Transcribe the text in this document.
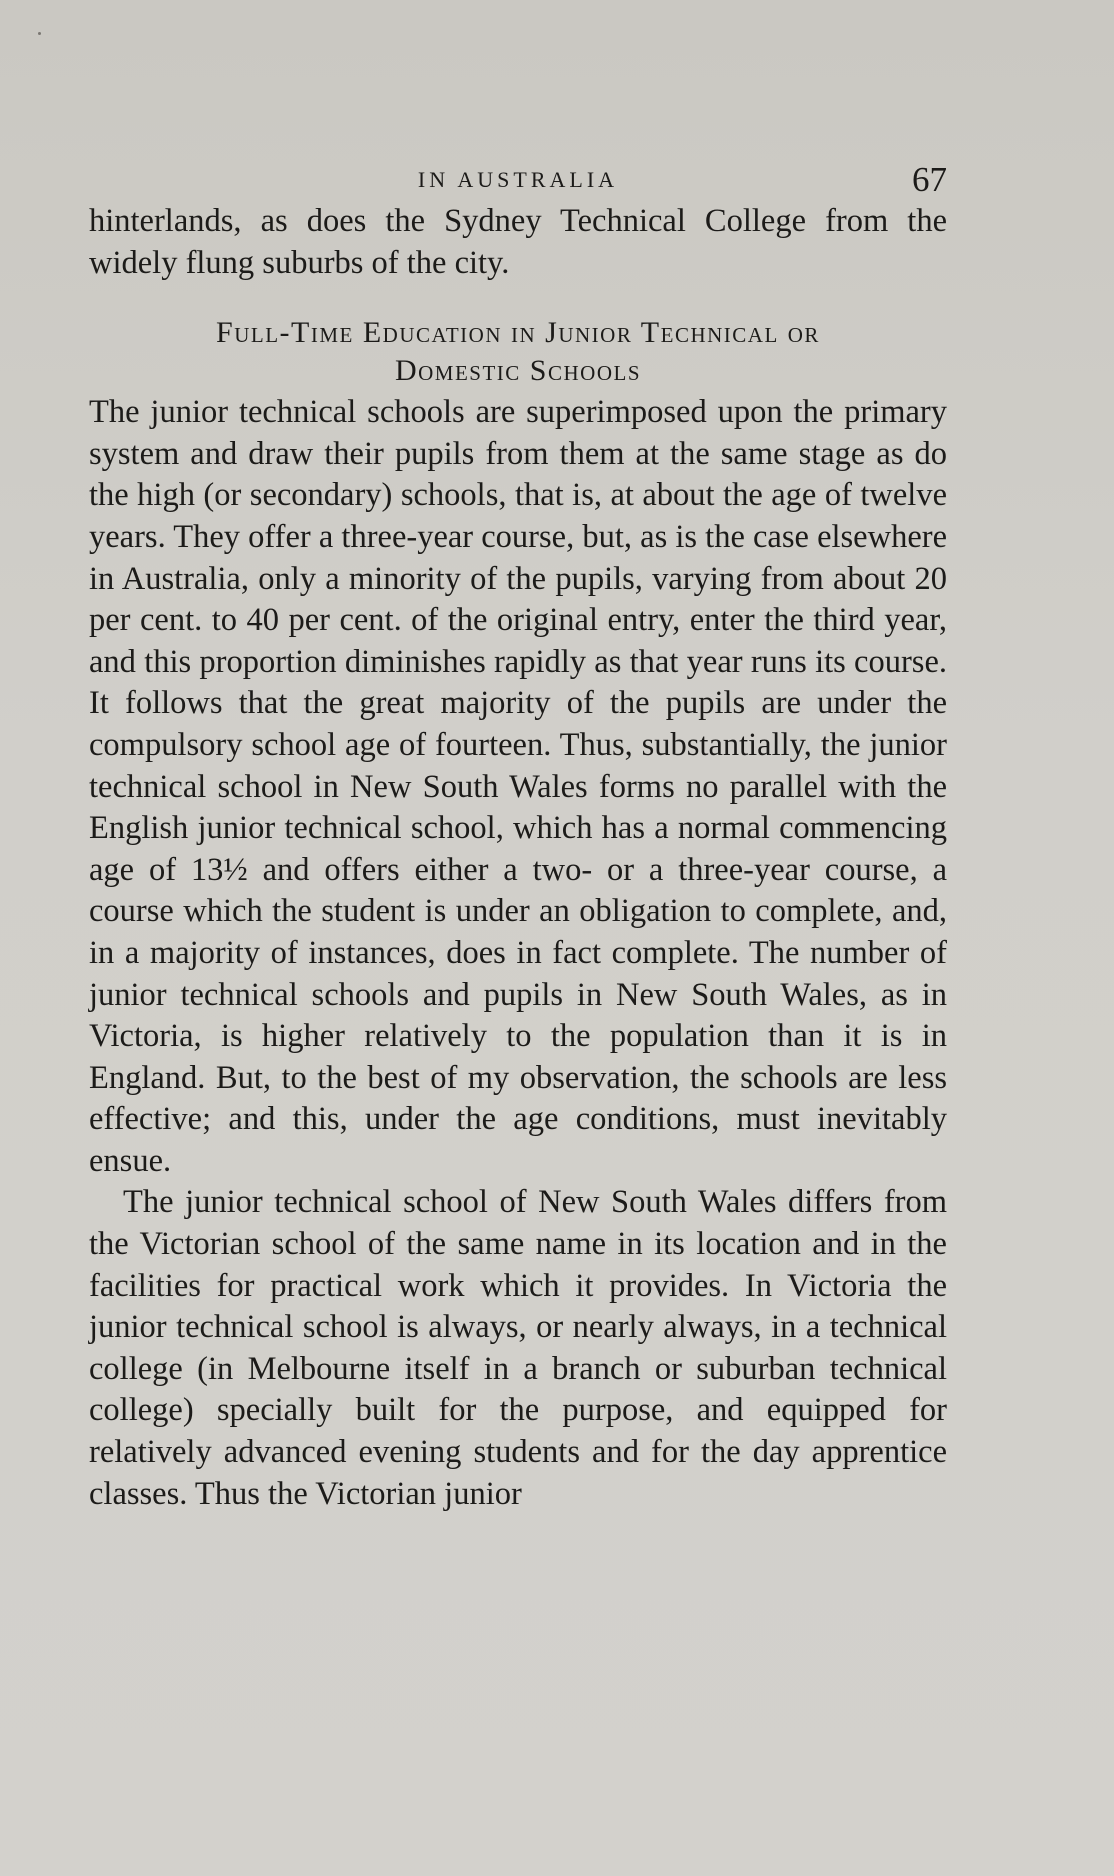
IN AUSTRALIA	67

hinterlands, as does the Sydney Technical College from the widely flung suburbs of the city.

Full-Time Education in Junior Technical or
Domestic Schools

The junior technical schools are superimposed upon the primary system and draw their pupils from them at the same stage as do the high (or secondary) schools, that is, at about the age of twelve years. They offer a three-year course, but, as is the case elsewhere in Australia, only a minority of the pupils, varying from about 20 per cent. to 40 per cent. of the original entry, enter the third year, and this proportion diminishes rapidly as that year runs its course. It follows that the great majority of the pupils are under the compulsory school age of fourteen. Thus, substantially, the junior technical school in New South Wales forms no parallel with the English junior technical school, which has a normal commencing age of 13½ and offers either a two- or a three-year course, a course which the student is under an obligation to complete, and, in a majority of instances, does in fact complete. The number of junior technical schools and pupils in New South Wales, as in Victoria, is higher relatively to the population than it is in England. But, to the best of my observation, the schools are less effective; and this, under the age conditions, must inevitably ensue.

The junior technical school of New South Wales differs from the Victorian school of the same name in its location and in the facilities for practical work which it provides. In Victoria the junior technical school is always, or nearly always, in a technical college (in Melbourne itself in a branch or suburban technical college) specially built for the purpose, and equipped for relatively advanced evening students and for the day apprentice classes. Thus the Victorian junior
